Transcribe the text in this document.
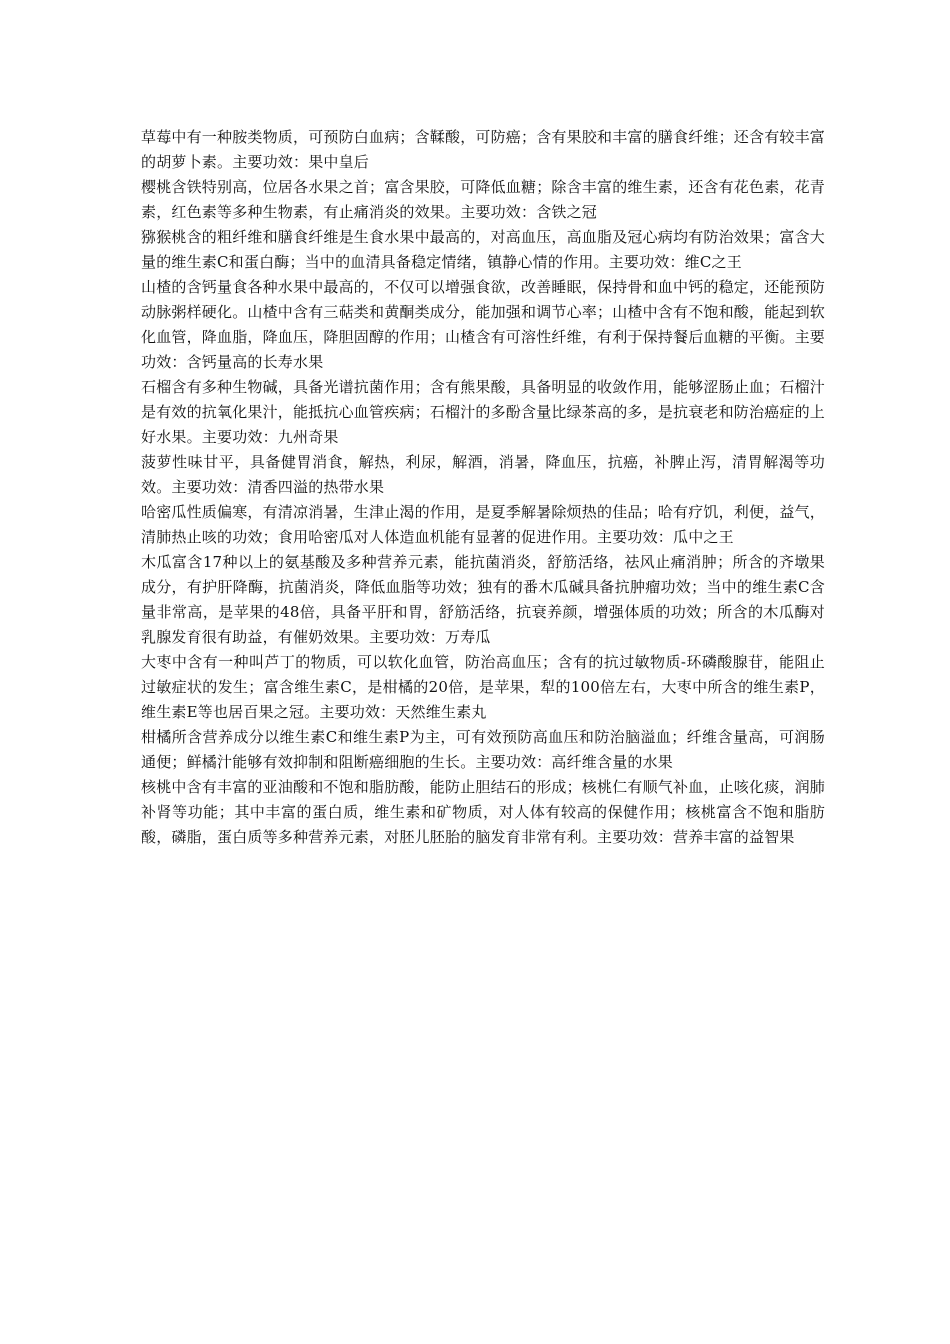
草莓中有一种胺类物质，可预防白血病；含鞣酸，可防癌；含有果胶和丰富的膳食纤维；还含有较丰富的胡萝卜素。主要功效：果中皇后

樱桃含铁特别高，位居各水果之首；富含果胶，可降低血糖；除含丰富的维生素，还含有花色素，花青素，红色素等多种生物素，有止痛消炎的效果。主要功效：含铁之冠

猕猴桃含的粗纤维和膳食纤维是生食水果中最高的，对高血压，高血脂及冠心病均有防治效果；富含大量的维生素C和蛋白酶；当中的血清具备稳定情绪，镇静心情的作用。主要功效：维C之王

山楂的含钙量食各种水果中最高的，不仅可以增强食欲，改善睡眠，保持骨和血中钙的稳定，还能预防动脉粥样硬化。山楂中含有三萜类和黄酮类成分，能加强和调节心率；山楂中含有不饱和酸，能起到软化血管，降血脂，降血压，降胆固醇的作用；山楂含有可溶性纤维，有利于保持餐后血糖的平衡。主要功效：含钙量高的长寿水果

石榴含有多种生物碱，具备光谱抗菌作用；含有熊果酸，具备明显的收敛作用，能够涩肠止血；石榴汁是有效的抗氧化果汁，能抵抗心血管疾病；石榴汁的多酚含量比绿茶高的多，是抗衰老和防治癌症的上好水果。主要功效：九州奇果

菠萝性味甘平，具备健胃消食，解热，利尿，解酒，消暑，降血压，抗癌，补脾止泻，清胃解渴等功效。主要功效：清香四溢的热带水果

哈密瓜性质偏寒，有清凉消暑，生津止渴的作用，是夏季解暑除烦热的佳品；哈有疗饥，利便，益气，清肺热止咳的功效；食用哈密瓜对人体造血机能有显著的促进作用。主要功效：瓜中之王

木瓜富含17种以上的氨基酸及多种营养元素，能抗菌消炎，舒筋活络，祛风止痛消肿；所含的齐墩果成分，有护肝降酶，抗菌消炎，降低血脂等功效；独有的番木瓜碱具备抗肿瘤功效；当中的维生素C含量非常高，是苹果的48倍，具备平肝和胃，舒筋活络，抗衰养颜，增强体质的功效；所含的木瓜酶对乳腺发育很有助益，有催奶效果。主要功效：万寿瓜

大枣中含有一种叫芦丁的物质，可以软化血管，防治高血压；含有的抗过敏物质-环磷酸腺苷，能阻止过敏症状的发生；富含维生素C，是柑橘的20倍，是苹果，犁的100倍左右，大枣中所含的维生素P，维生素E等也居百果之冠。主要功效：天然维生素丸

柑橘所含营养成分以维生素C和维生素P为主，可有效预防高血压和防治脑溢血；纤维含量高，可润肠通便；鲜橘汁能够有效抑制和阻断癌细胞的生长。主要功效：高纤维含量的水果

核桃中含有丰富的亚油酸和不饱和脂肪酸，能防止胆结石的形成；核桃仁有顺气补血，止咳化痰，润肺补肾等功能；其中丰富的蛋白质，维生素和矿物质，对人体有较高的保健作用；核桃富含不饱和脂肪酸，磷脂，蛋白质等多种营养元素，对胚儿胚胎的脑发育非常有利。主要功效：营养丰富的益智果
